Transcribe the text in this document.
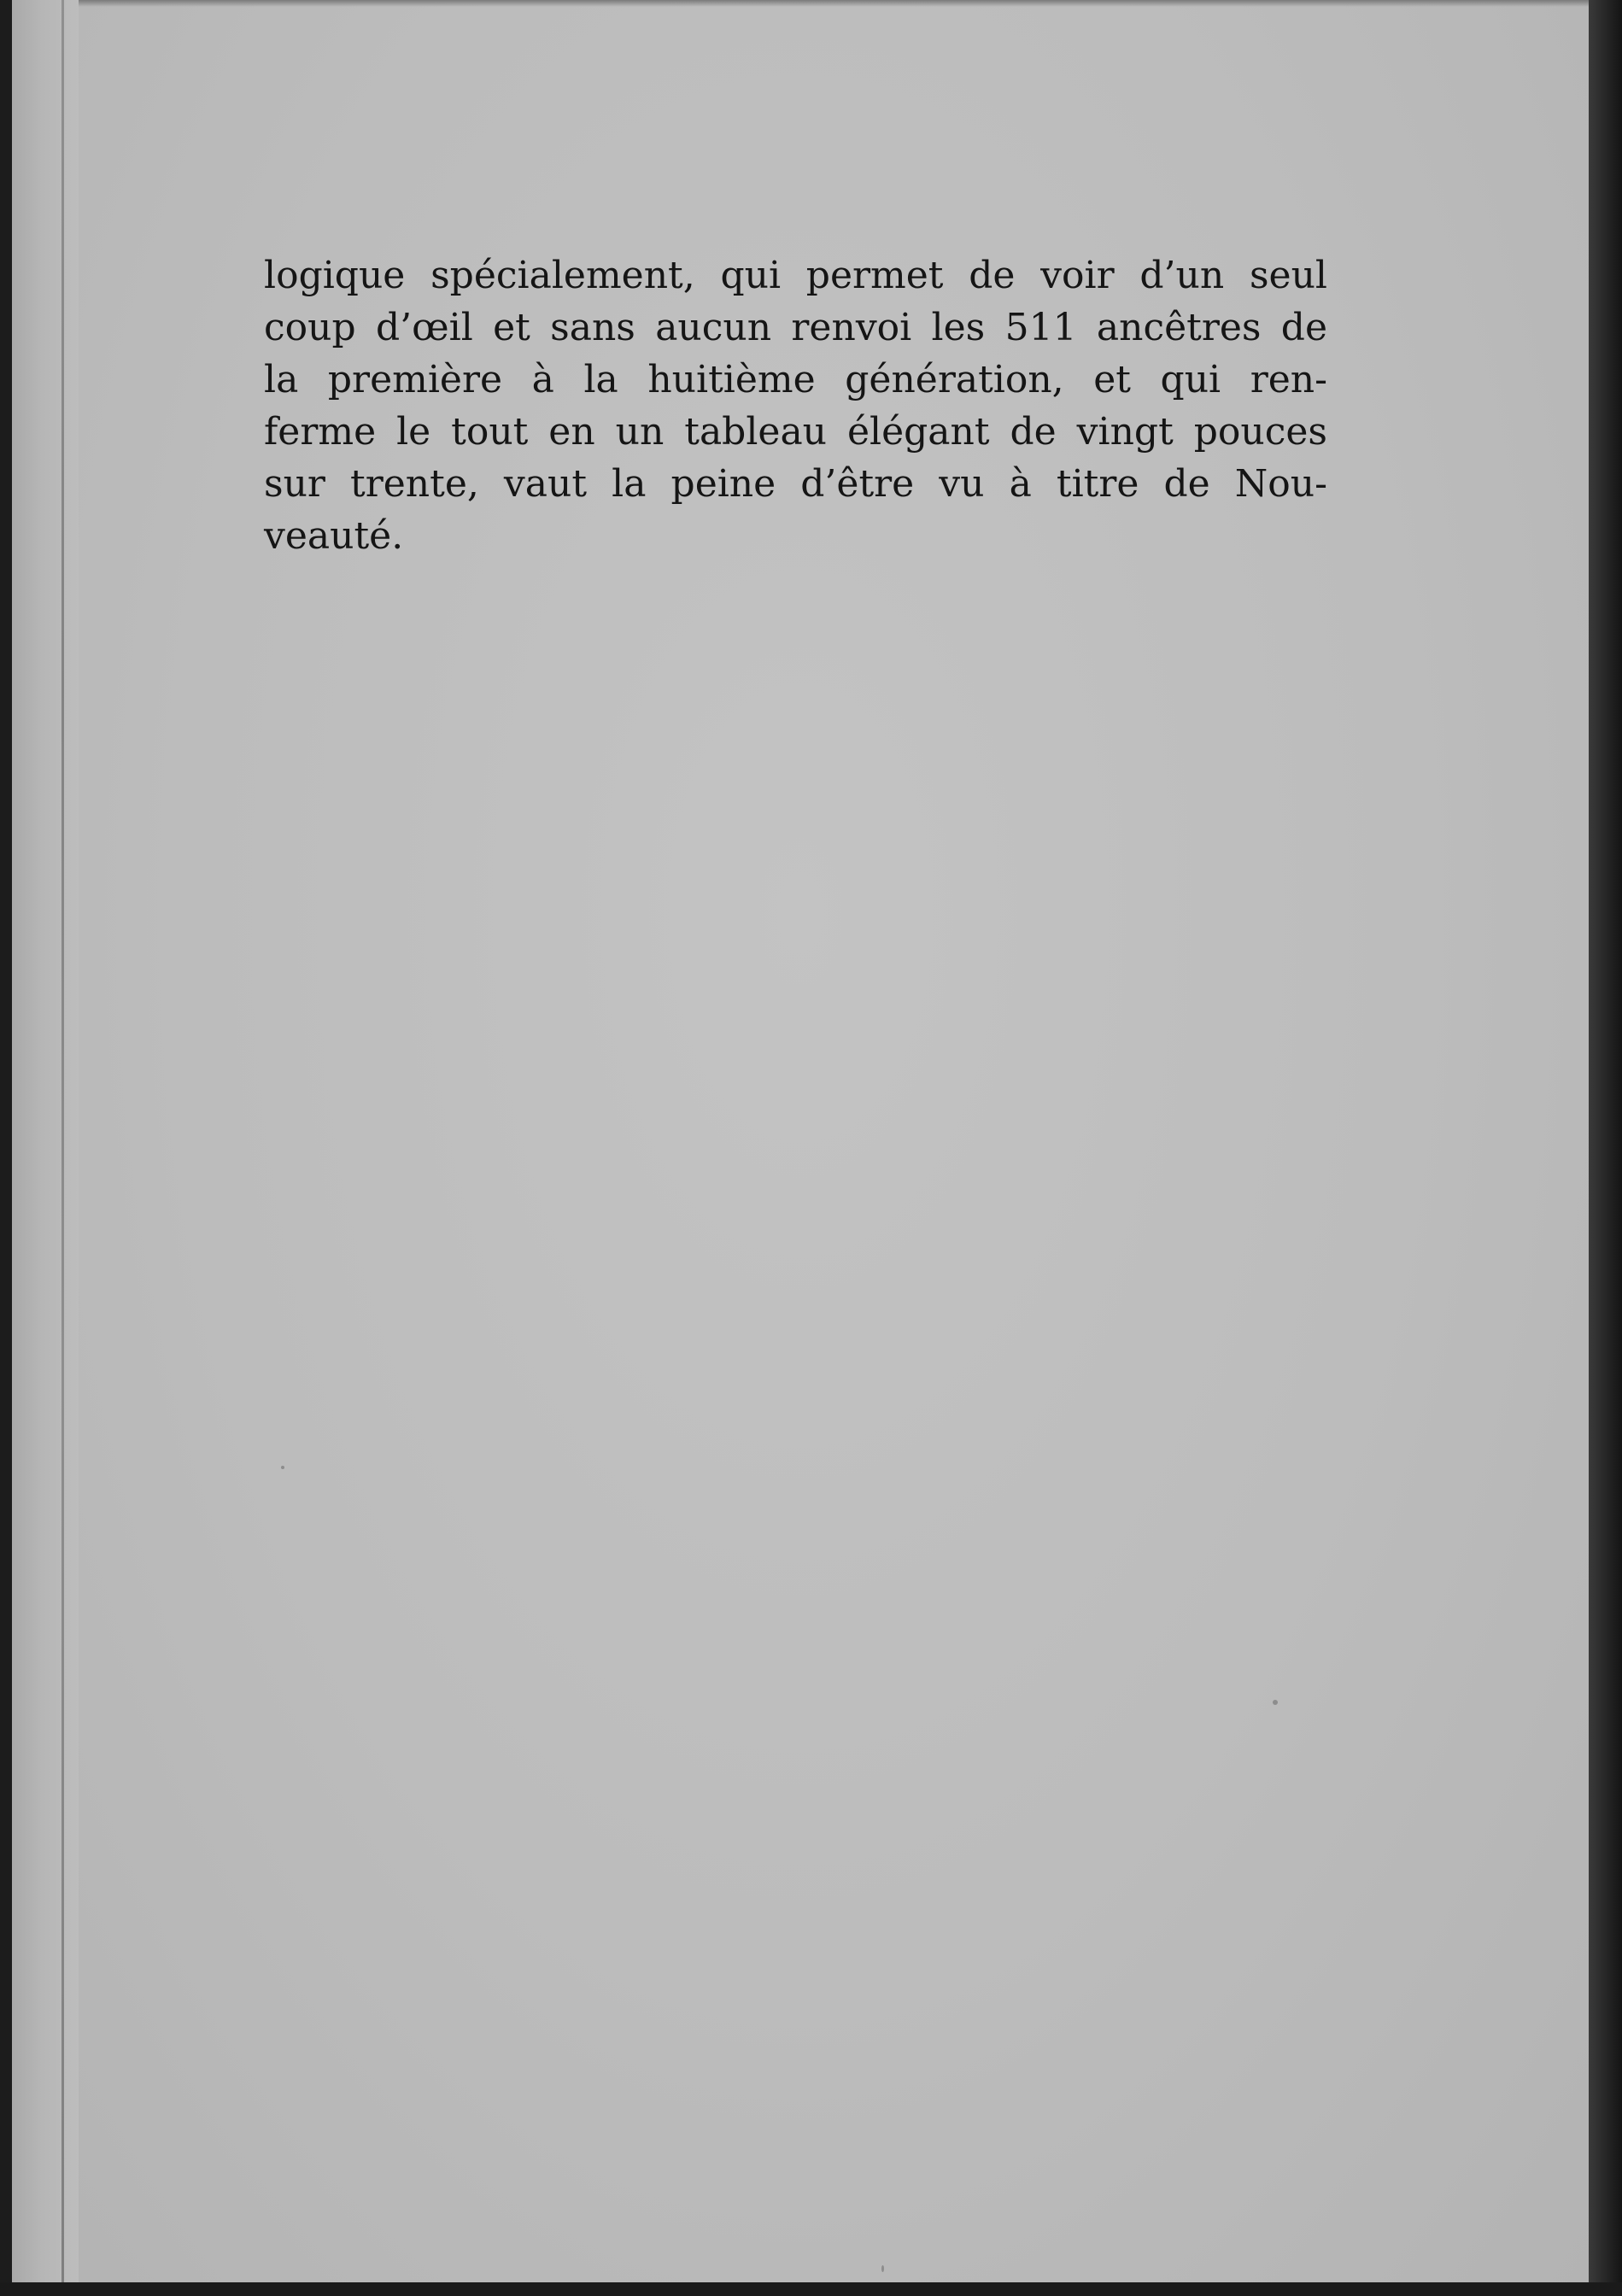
logique spécialement, qui permet de voir d’un seul
coup d’œil et sans aucun renvoi les 511 ancêtres de
la première à la huitième génération, et qui ren-
ferme le tout en un tableau élégant de vingt pouces
sur trente, vaut la peine d’être vu à titre de Nou-
veauté.
